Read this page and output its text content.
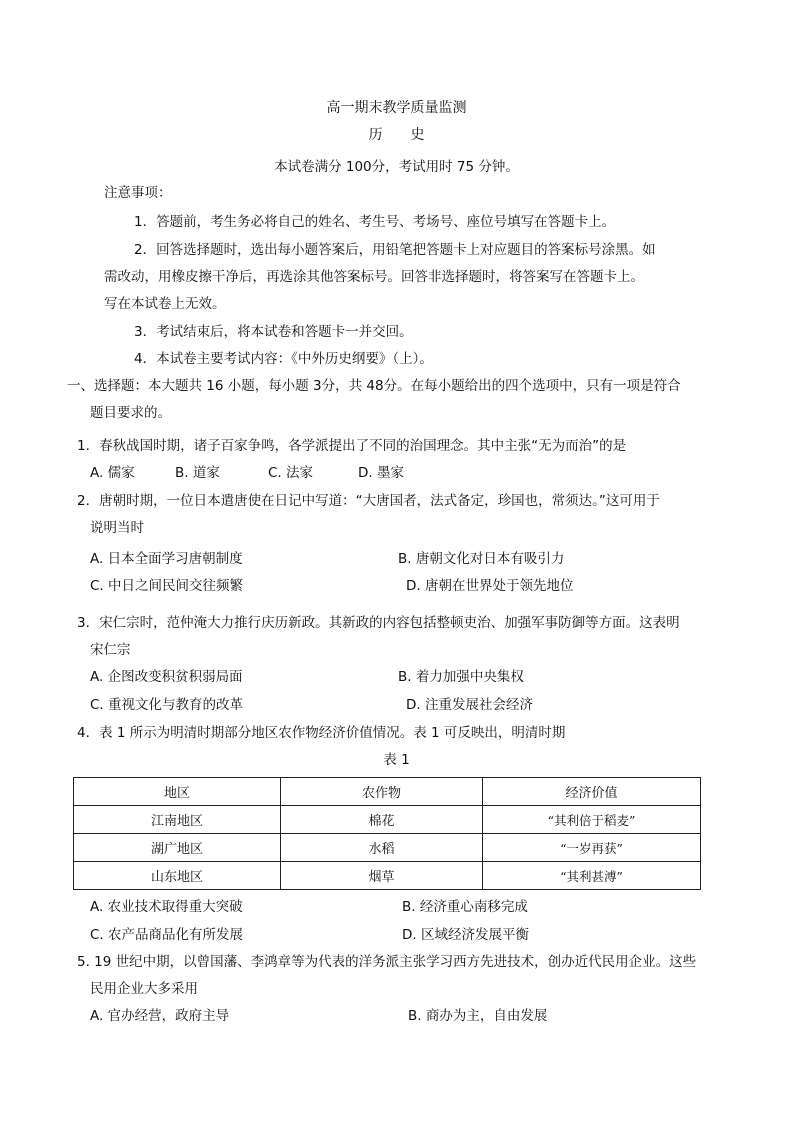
高一期末教学质量监测
历　　史
本试卷满分 100分，考试用时 75 分钟。
注意事项：
1．答题前，考生务必将自己的姓名、考生号、考场号、座位号填写在答题卡上。
2．回答选择题时，选出每小题答案后，用铅笔把答题卡上对应题目的答案标号涂黑。如
需改动，用橡皮擦干净后，再选涂其他答案标号。回答非选择题时，将答案写在答题卡上。
写在本试卷上无效。
3．考试结束后，将本试卷和答题卡一并交回。
4．本试卷主要考试内容：《中外历史纲要》（上）。
一、选择题：本大题共 16 小题，每小题 3分，共 48分。在每小题给出的四个选项中，只有一项是符合
题目要求的。
1．春秋战国时期，诸子百家争鸣，各学派提出了不同的治国理念。其中主张“无为而治”的是
A. 儒家	B. 道家	C. 法家	D. 墨家
2．唐朝时期，一位日本遣唐使在日记中写道：“大唐国者，法式备定，珍国也，常须达。”这可用于
说明当时
A. 日本全面学习唐朝制度	B. 唐朝文化对日本有吸引力
C. 中日之间民间交往频繁	D. 唐朝在世界处于领先地位
3．宋仁宗时，范仲淹大力推行庆历新政。其新政的内容包括整顿吏治、加强军事防御等方面。这表明
宋仁宗
A. 企图改变积贫积弱局面	B. 着力加强中央集权
C. 重视文化与教育的改革	D. 注重发展社会经济
4．表 1 所示为明清时期部分地区农作物经济价值情况。表 1 可反映出，明清时期
表 1
地区	农作物	经济价值
江南地区	棉花	“其利倍于稻麦”
湖广地区	水稻	“一岁再获”
山东地区	烟草	“其利甚溥”
A. 农业技术取得重大突破	B. 经济重心南移完成
C. 农产品商品化有所发展	D. 区域经济发展平衡
5. 19 世纪中期，以曾国藩、李鸿章等为代表的洋务派主张学习西方先进技术，创办近代民用企业。这些
民用企业大多采用
A. 官办经营，政府主导	B. 商办为主，自由发展
